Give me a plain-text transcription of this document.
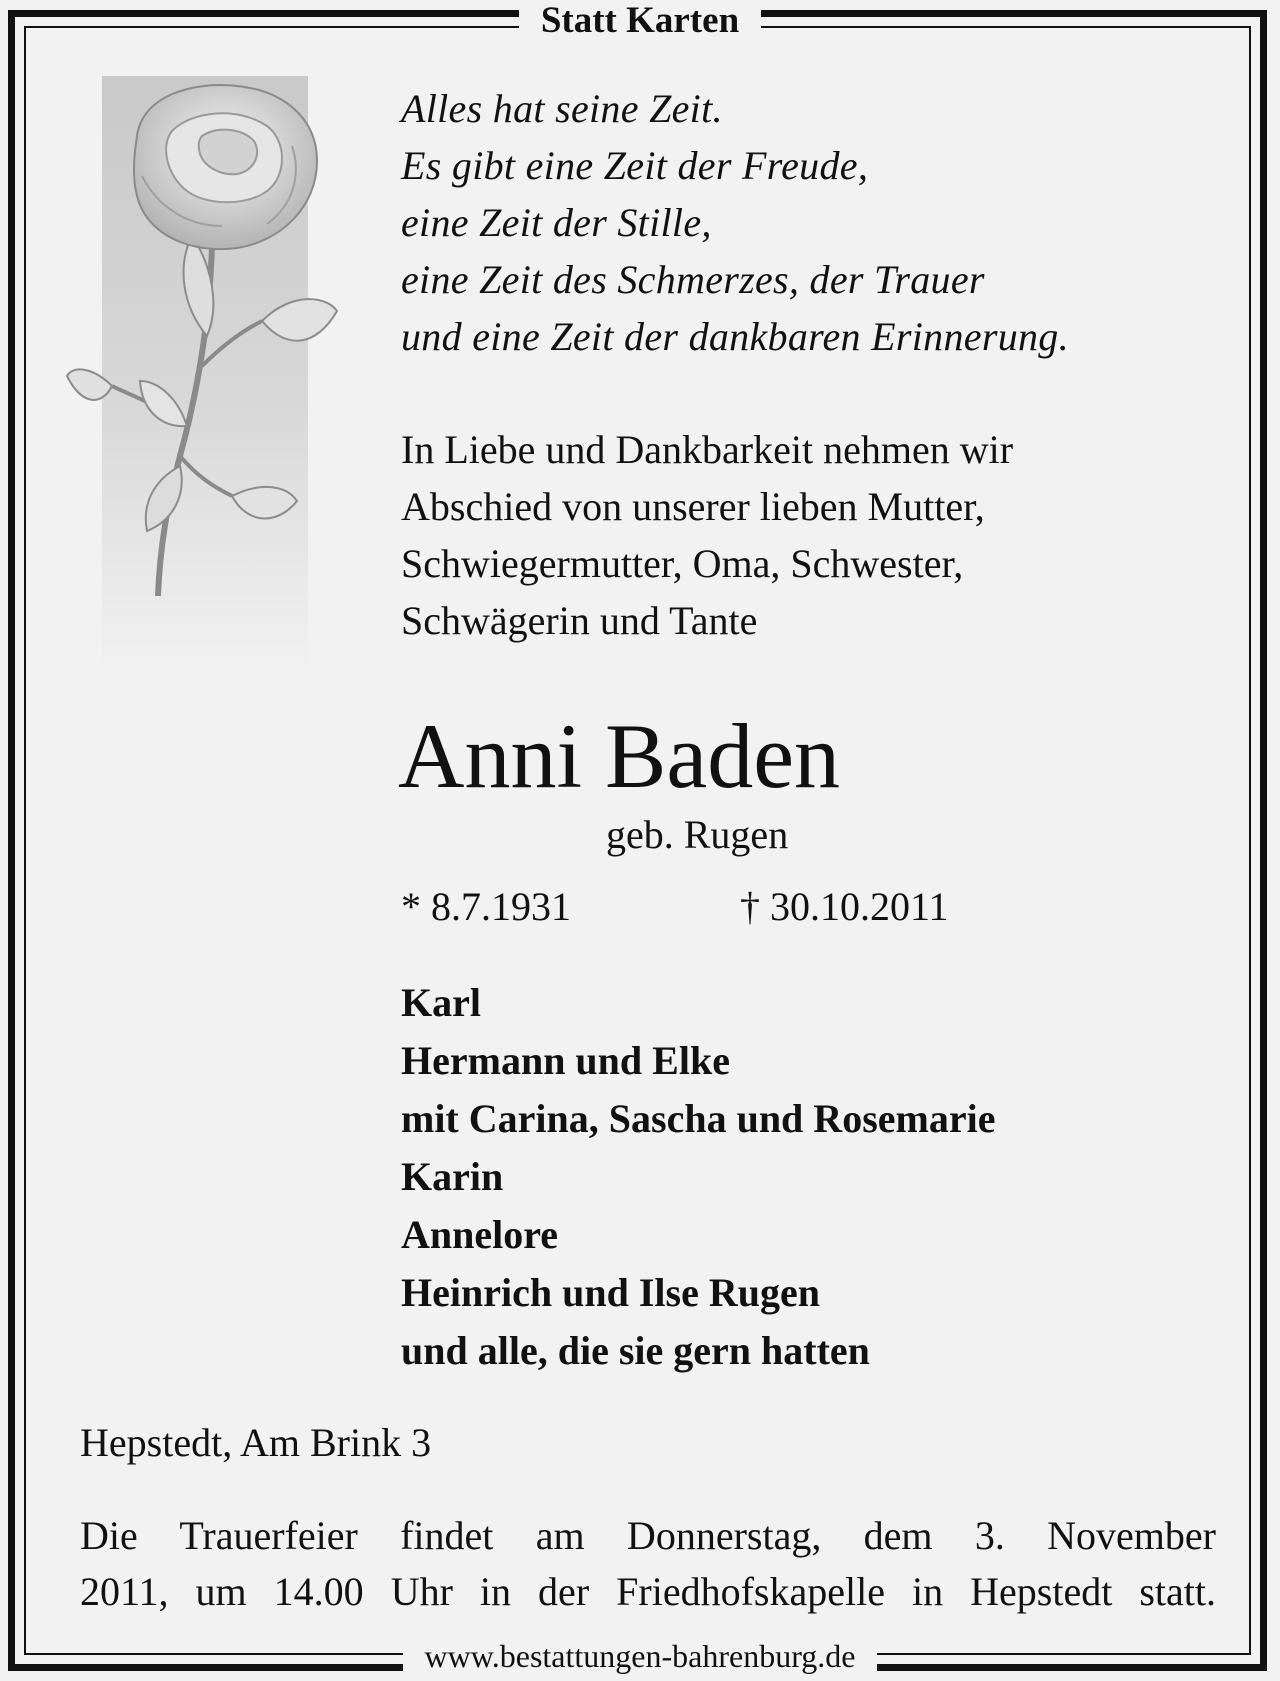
Statt Karten
Alles hat seine Zeit.
Es gibt eine Zeit der Freude,
eine Zeit der Stille,
eine Zeit des Schmerzes, der Trauer
und eine Zeit der dankbaren Erinnerung.
In Liebe und Dankbarkeit nehmen wir
Abschied von unserer lieben Mutter,
Schwiegermutter, Oma, Schwester,
Schwägerin und Tante
Anni Baden
geb. Rugen
* 8.7.1931	† 30.10.2011
Karl
Hermann und Elke
mit Carina, Sascha und Rosemarie
Karin
Annelore
Heinrich und Ilse Rugen
und alle, die sie gern hatten
Hepstedt, Am Brink 3
Die Trauerfeier findet am Donnerstag, dem 3. November
2011, um 14.00 Uhr in der Friedhofskapelle in Hepstedt statt.
www.bestattungen-bahrenburg.de
